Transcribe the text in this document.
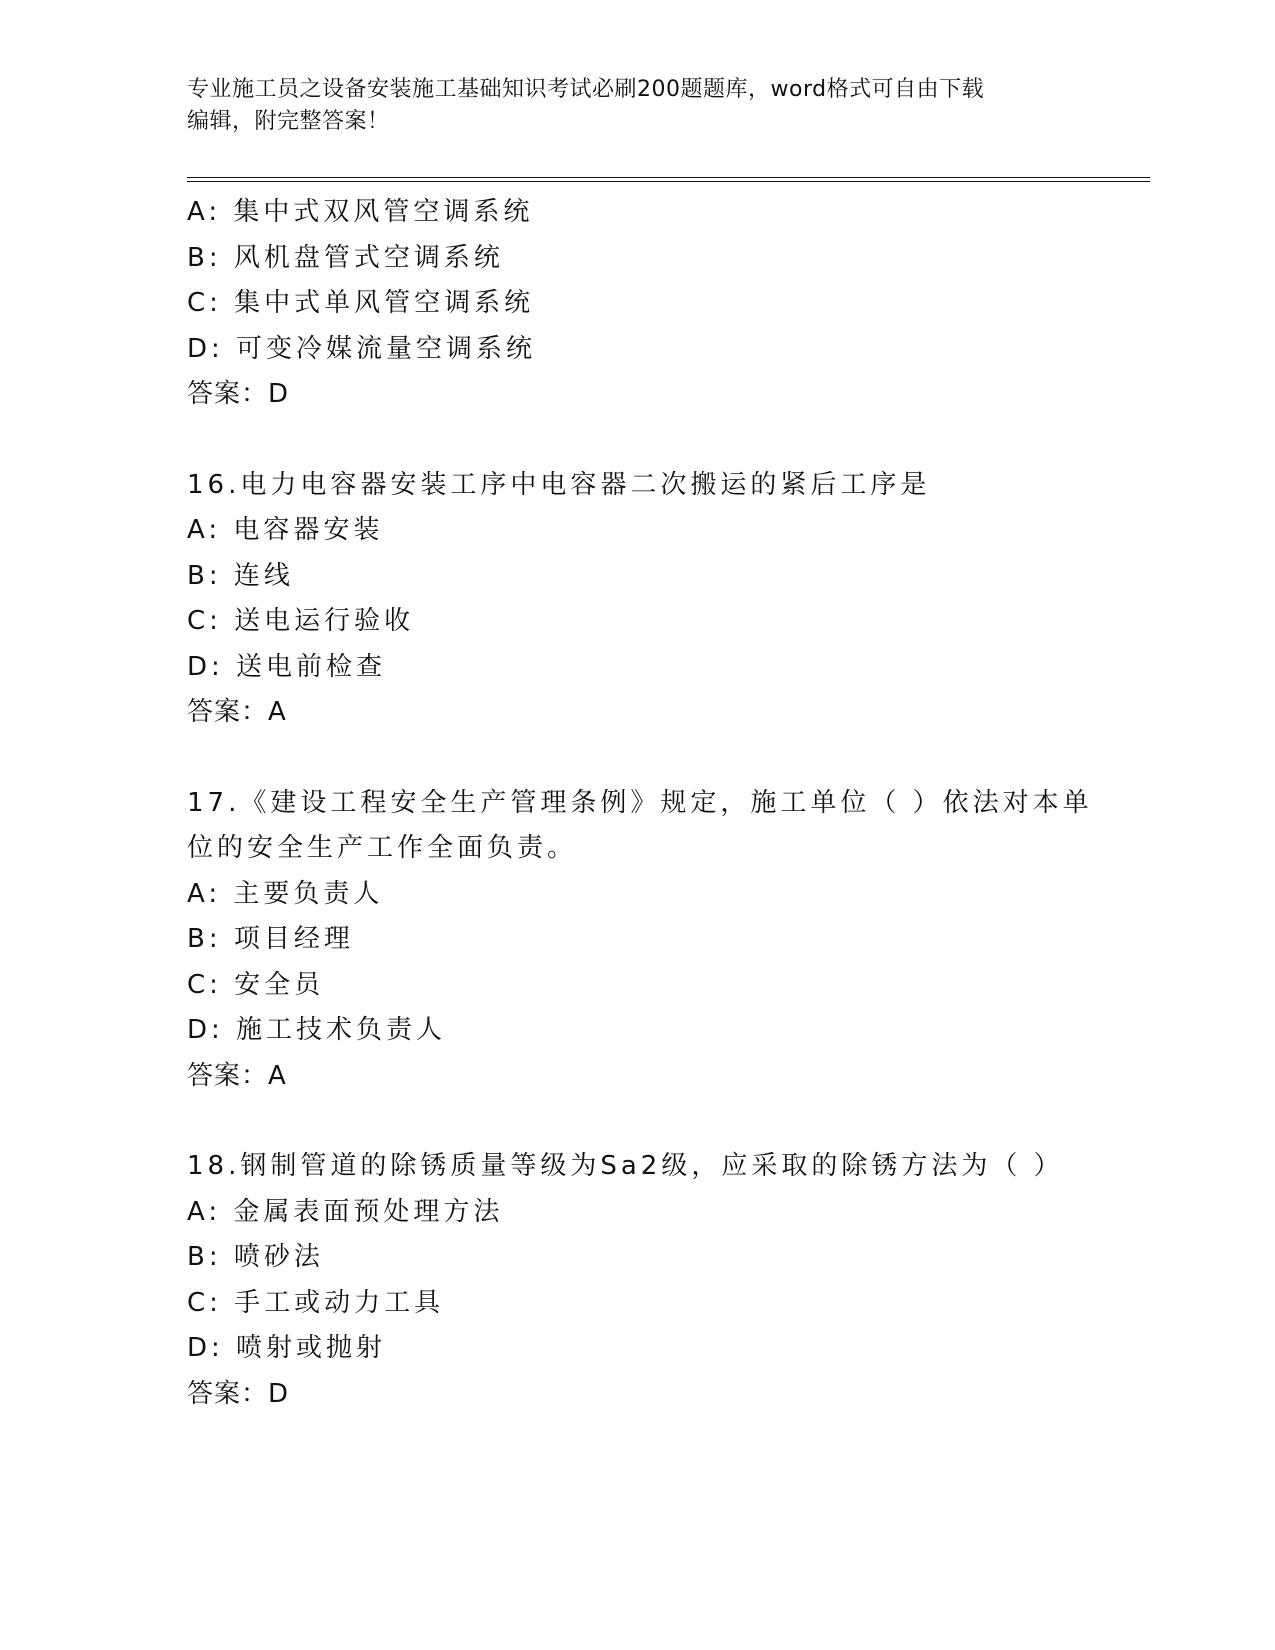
专业施工员之设备安装施工基础知识考试必刷200题题库，word格式可自由下载
编辑，附完整答案！
A: 集中式双风管空调系统
B: 风机盘管式空调系统
C: 集中式单风管空调系统
D: 可变冷媒流量空调系统
答案：D
16.电力电容器安装工序中电容器二次搬运的紧后工序是
A: 电容器安装
B: 连线
C: 送电运行验收
D: 送电前检查
答案：A
17.《建设工程安全生产管理条例》规定，施工单位（ ）依法对本单
位的安全生产工作全面负责。
A: 主要负责人
B: 项目经理
C: 安全员
D: 施工技术负责人
答案：A
18.钢制管道的除锈质量等级为Sa2级，应采取的除锈方法为（ ）
A: 金属表面预处理方法
B: 喷砂法
C: 手工或动力工具
D: 喷射或抛射
答案：D
